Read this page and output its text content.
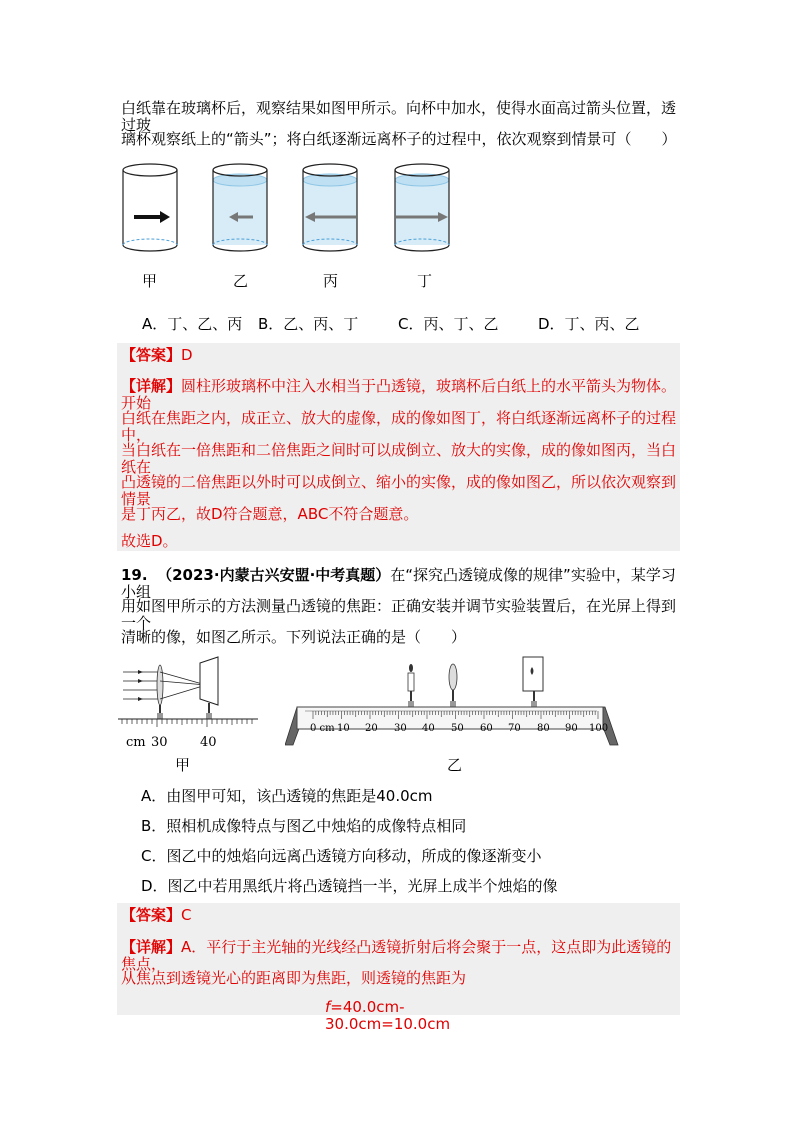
白纸靠在玻璃杯后，观察结果如图甲所示。向杯中加水，使得水面高过箭头位置，透过玻
璃杯观察纸上的“箭头”；将白纸逐渐远离杯子的过程中，依次观察到情景可（　　）
甲	乙	丙	丁
A．丁、乙、丙 B．乙、丙、丁	C．丙、丁、乙	D．丁、丙、乙
【答案】D
【详解】圆柱形玻璃杯中注入水相当于凸透镜，玻璃杯后白纸上的水平箭头为物体。开始
白纸在焦距之内，成正立、放大的虚像，成的像如图丁，将白纸逐渐远离杯子的过程中，
当白纸在一倍焦距和二倍焦距之间时可以成倒立、放大的实像，成的像如图丙，当白纸在
凸透镜的二倍焦距以外时可以成倒立、缩小的实像，成的像如图乙，所以依次观察到情景
是丁丙乙，故D符合题意，ABC不符合题意。
故选D。
19. （2023·内蒙古兴安盟·中考真题）在“探究凸透镜成像的规律”实验中，某学习小组
用如图甲所示的方法测量凸透镜的焦距：正确安装并调节实验装置后，在光屏上得到一个
清晰的像，如图乙所示。下列说法正确的是（　　）
cm 30 40
甲
0 cm 10 20 30 40 50 60 70 80 90 100
乙
A．由图甲可知，该凸透镜的焦距是40.0cm
B．照相机成像特点与图乙中烛焰的成像特点相同
C．图乙中的烛焰向远离凸透镜方向移动，所成的像逐渐变小
D．图乙中若用黑纸片将凸透镜挡一半，光屏上成半个烛焰的像
【答案】C
【详解】A．平行于主光轴的光线经凸透镜折射后将会聚于一点，这点即为此透镜的焦点，
从焦点到透镜光心的距离即为焦距，则透镜的焦距为
f=40.0cm-30.0cm=10.0cm
